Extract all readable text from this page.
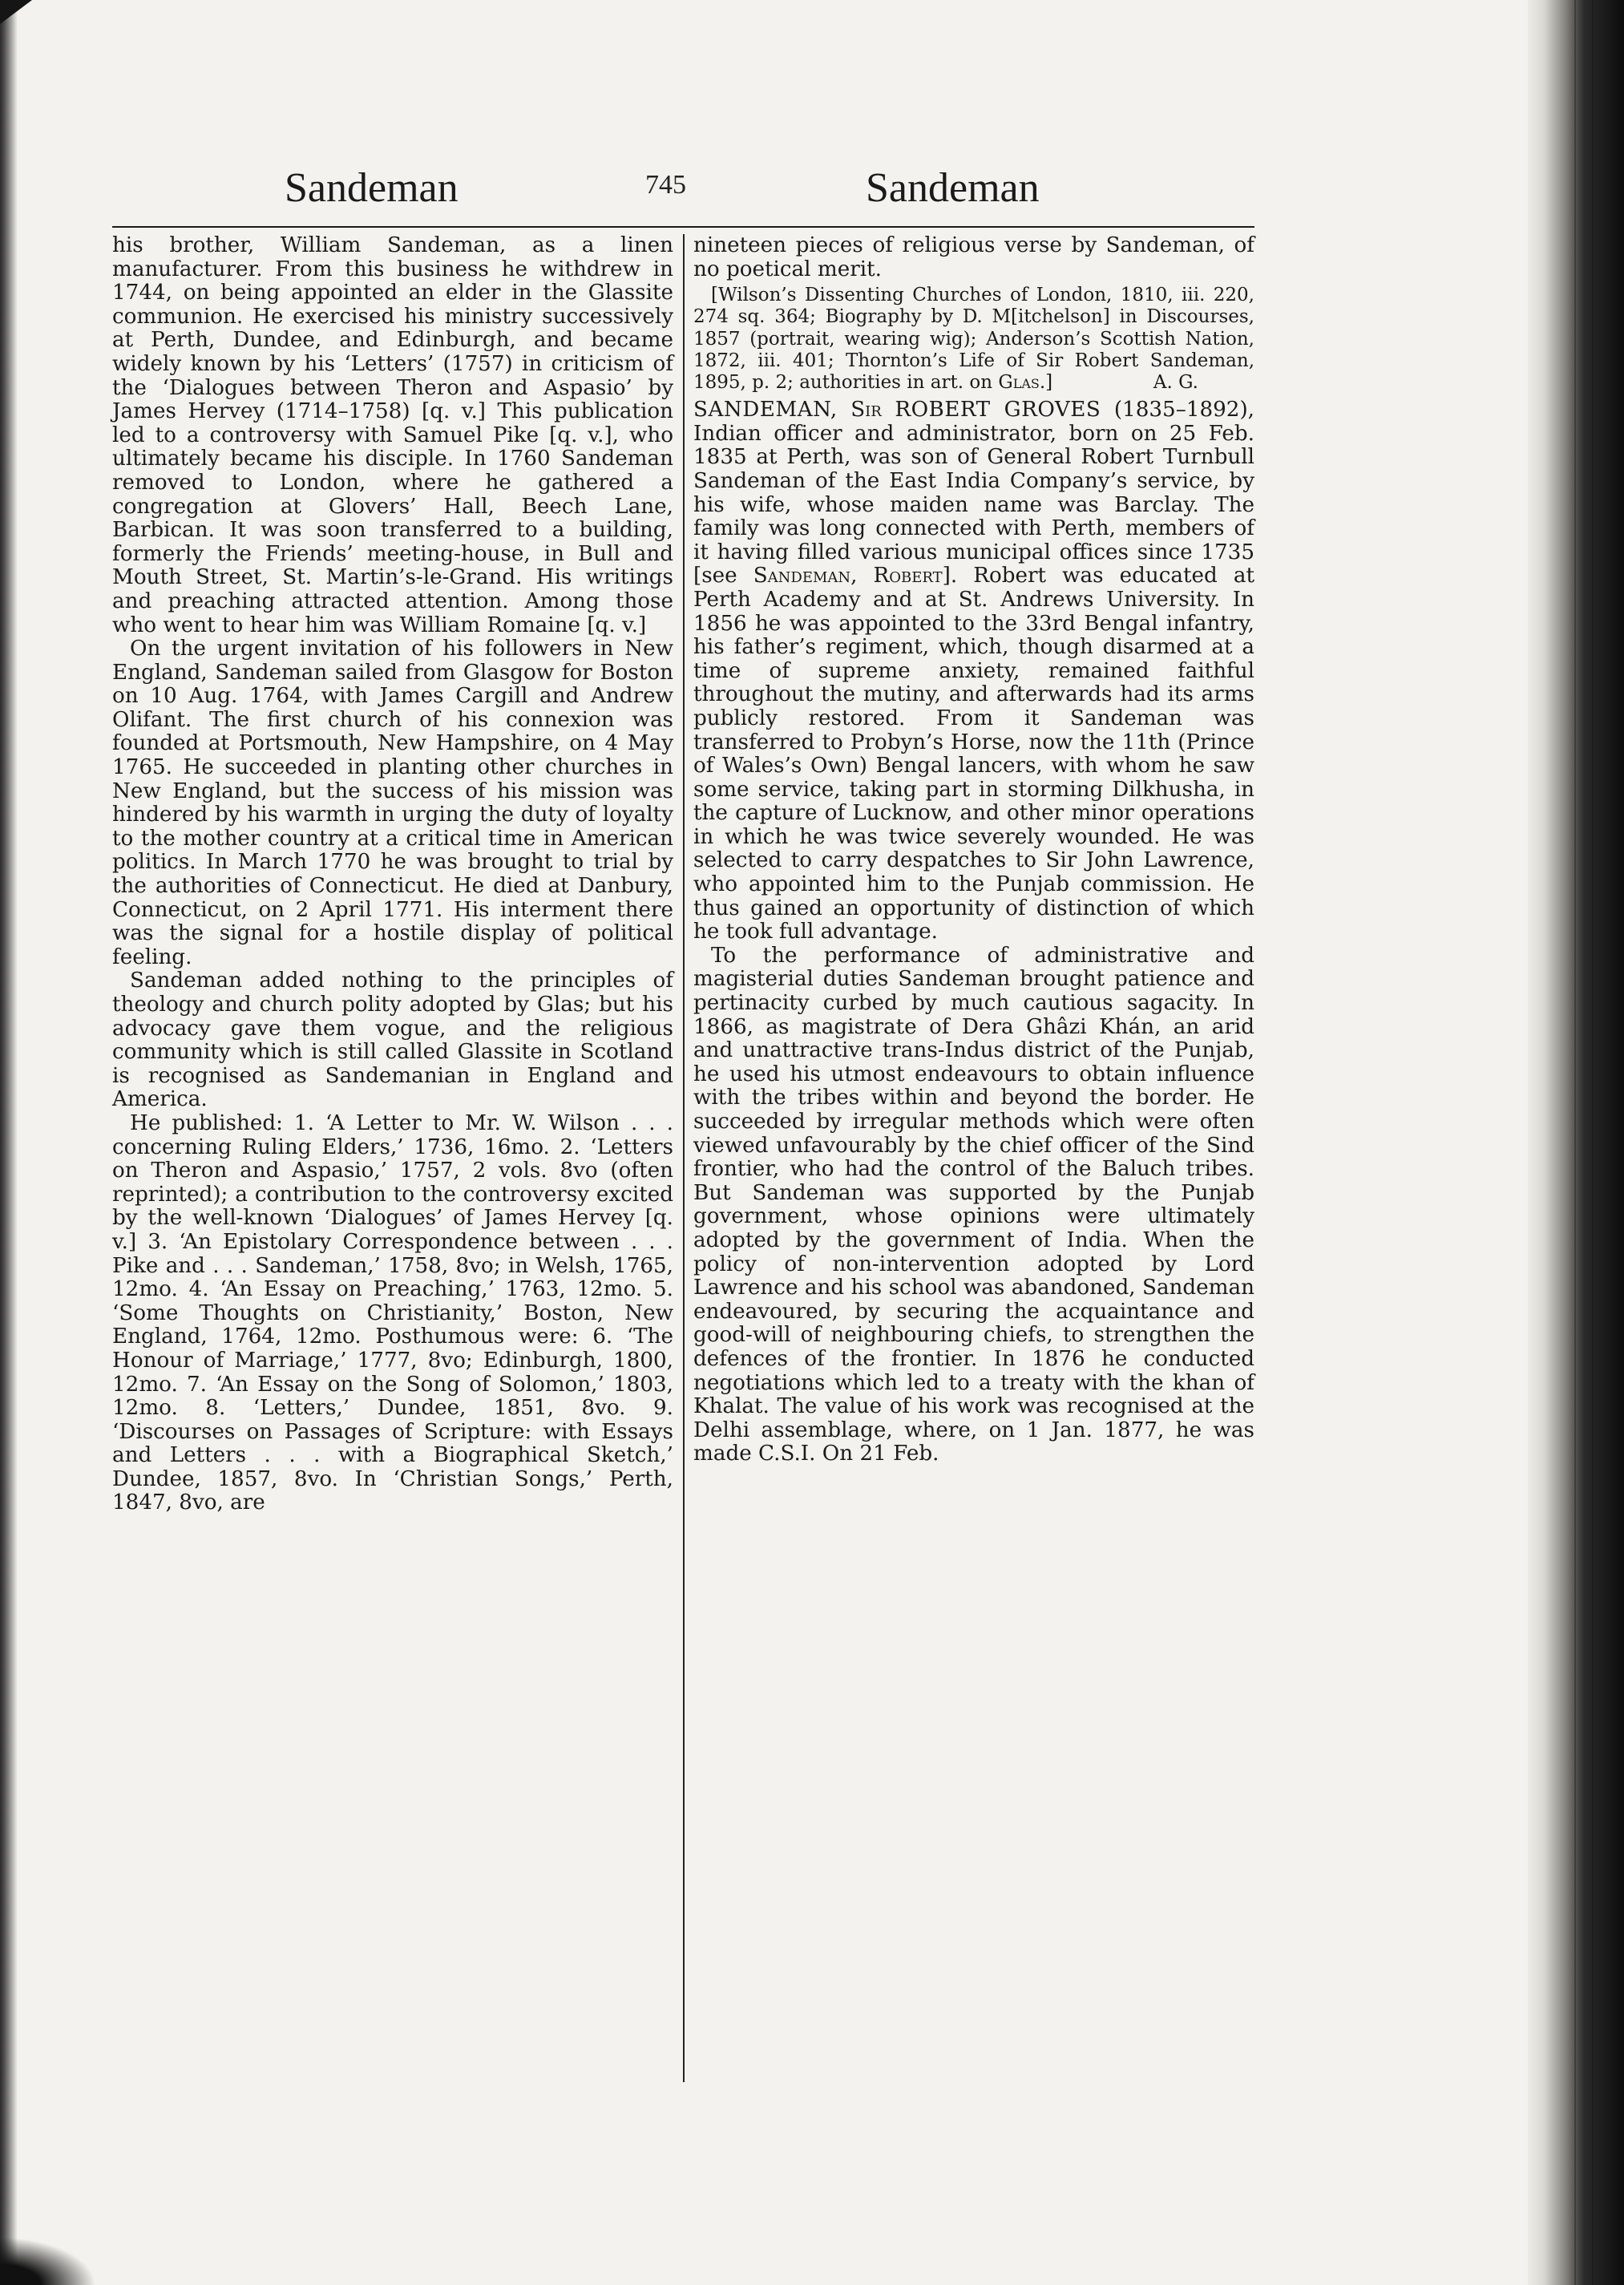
Sandeman	745	Sandeman

his brother, William Sandeman, as a linen manufacturer. From this business he withdrew in 1744, on being appointed an elder in the Glassite communion. He exercised his ministry successively at Perth, Dundee, and Edinburgh, and became widely known by his ‘Letters’ (1757) in criticism of the ‘Dialogues between Theron and Aspasio’ by James Hervey (1714–1758) [q. v.] This publication led to a controversy with Samuel Pike [q. v.], who ultimately became his disciple. In 1760 Sandeman removed to London, where he gathered a congregation at Glovers’ Hall, Beech Lane, Barbican. It was soon transferred to a building, formerly the Friends’ meeting-house, in Bull and Mouth Street, St. Martin’s-le-Grand. His writings and preaching attracted attention. Among those who went to hear him was William Romaine [q. v.]

On the urgent invitation of his followers in New England, Sandeman sailed from Glasgow for Boston on 10 Aug. 1764, with James Cargill and Andrew Olifant. The first church of his connexion was founded at Portsmouth, New Hampshire, on 4 May 1765. He succeeded in planting other churches in New England, but the success of his mission was hindered by his warmth in urging the duty of loyalty to the mother country at a critical time in American politics. In March 1770 he was brought to trial by the authorities of Connecticut. He died at Danbury, Connecticut, on 2 April 1771. His interment there was the signal for a hostile display of political feeling.

Sandeman added nothing to the principles of theology and church polity adopted by Glas; but his advocacy gave them vogue, and the religious community which is still called Glassite in Scotland is recognised as Sandemanian in England and America.

He published: 1. ‘A Letter to Mr. W. Wilson . . . concerning Ruling Elders,’ 1736, 16mo. 2. ‘Letters on Theron and Aspasio,’ 1757, 2 vols. 8vo (often reprinted); a contribution to the controversy excited by the well-known ‘Dialogues’ of James Hervey [q. v.] 3. ‘An Epistolary Correspondence between . . . Pike and . . . Sandeman,’ 1758, 8vo; in Welsh, 1765, 12mo. 4. ‘An Essay on Preaching,’ 1763, 12mo. 5. ‘Some Thoughts on Christianity,’ Boston, New England, 1764, 12mo. Posthumous were: 6. ‘The Honour of Marriage,’ 1777, 8vo; Edinburgh, 1800, 12mo. 7. ‘An Essay on the Song of Solomon,’ 1803, 12mo. 8. ‘Letters,’ Dundee, 1851, 8vo. 9. ‘Discourses on Passages of Scripture: with Essays and Letters . . . with a Biographical Sketch,’ Dundee, 1857, 8vo. In ‘Christian Songs,’ Perth, 1847, 8vo, are

nineteen pieces of religious verse by Sandeman, of no poetical merit.

[Wilson’s Dissenting Churches of London, 1810, iii. 220, 274 sq. 364; Biography by D. M[itchelson] in Discourses, 1857 (portrait, wearing wig); Anderson’s Scottish Nation, 1872, iii. 401; Thornton’s Life of Sir Robert Sandeman, 1895, p. 2; authorities in art. on Glas.]	A. G.

SANDEMAN, Sir ROBERT GROVES (1835–1892), Indian officer and administrator, born on 25 Feb. 1835 at Perth, was son of General Robert Turnbull Sandeman of the East India Company’s service, by his wife, whose maiden name was Barclay. The family was long connected with Perth, members of it having filled various municipal offices since 1735 [see Sandeman, Robert]. Robert was educated at Perth Academy and at St. Andrews University. In 1856 he was appointed to the 33rd Bengal infantry, his father’s regiment, which, though disarmed at a time of supreme anxiety, remained faithful throughout the mutiny, and afterwards had its arms publicly restored. From it Sandeman was transferred to Probyn’s Horse, now the 11th (Prince of Wales’s Own) Bengal lancers, with whom he saw some service, taking part in storming Dilkhusha, in the capture of Lucknow, and other minor operations in which he was twice severely wounded. He was selected to carry despatches to Sir John Lawrence, who appointed him to the Punjab commission. He thus gained an opportunity of distinction of which he took full advantage.

To the performance of administrative and magisterial duties Sandeman brought patience and pertinacity curbed by much cautious sagacity. In 1866, as magistrate of Dera Ghâzi Khán, an arid and unattractive trans-Indus district of the Punjab, he used his utmost endeavours to obtain influence with the tribes within and beyond the border. He succeeded by irregular methods which were often viewed unfavourably by the chief officer of the Sind frontier, who had the control of the Baluch tribes. But Sandeman was supported by the Punjab government, whose opinions were ultimately adopted by the government of India. When the policy of non-intervention adopted by Lord Lawrence and his school was abandoned, Sandeman endeavoured, by securing the acquaintance and good-will of neighbouring chiefs, to strengthen the defences of the frontier. In 1876 he conducted negotiations which led to a treaty with the khan of Khalat. The value of his work was recognised at the Delhi assemblage, where, on 1 Jan. 1877, he was made C.S.I. On 21 Feb.
